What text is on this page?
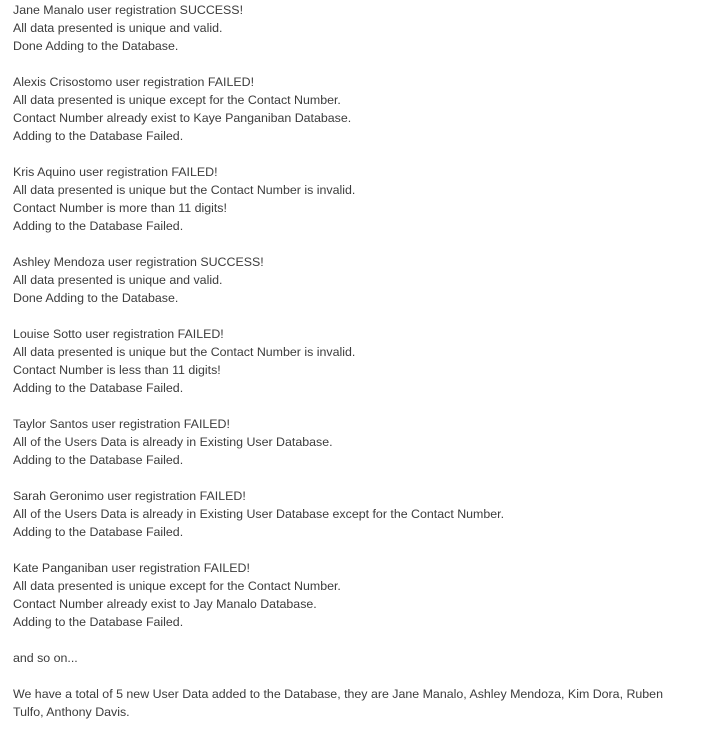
Jane Manalo user registration SUCCESS!
All data presented is unique and valid.
Done Adding to the Database.
Alexis Crisostomo user registration FAILED!
All data presented is unique except for the Contact Number.
Contact Number already exist to Kaye Panganiban Database.
Adding to the Database Failed.
Kris Aquino user registration FAILED!
All data presented is unique but the Contact Number is invalid.
Contact Number is more than 11 digits!
Adding to the Database Failed.
Ashley Mendoza user registration SUCCESS!
All data presented is unique and valid.
Done Adding to the Database.
Louise Sotto user registration FAILED!
All data presented is unique but the Contact Number is invalid.
Contact Number is less than 11 digits!
Adding to the Database Failed.
Taylor Santos user registration FAILED!
All of the Users Data is already in Existing User Database.
Adding to the Database Failed.
Sarah Geronimo user registration FAILED!
All of the Users Data is already in Existing User Database except for the Contact Number.
Adding to the Database Failed.
Kate Panganiban user registration FAILED!
All data presented is unique except for the Contact Number.
Contact Number already exist to Jay Manalo Database.
Adding to the Database Failed.
and so on...
We have a total of 5 new User Data added to the Database, they are Jane Manalo, Ashley Mendoza, Kim Dora, Ruben Tulfo, Anthony Davis.
